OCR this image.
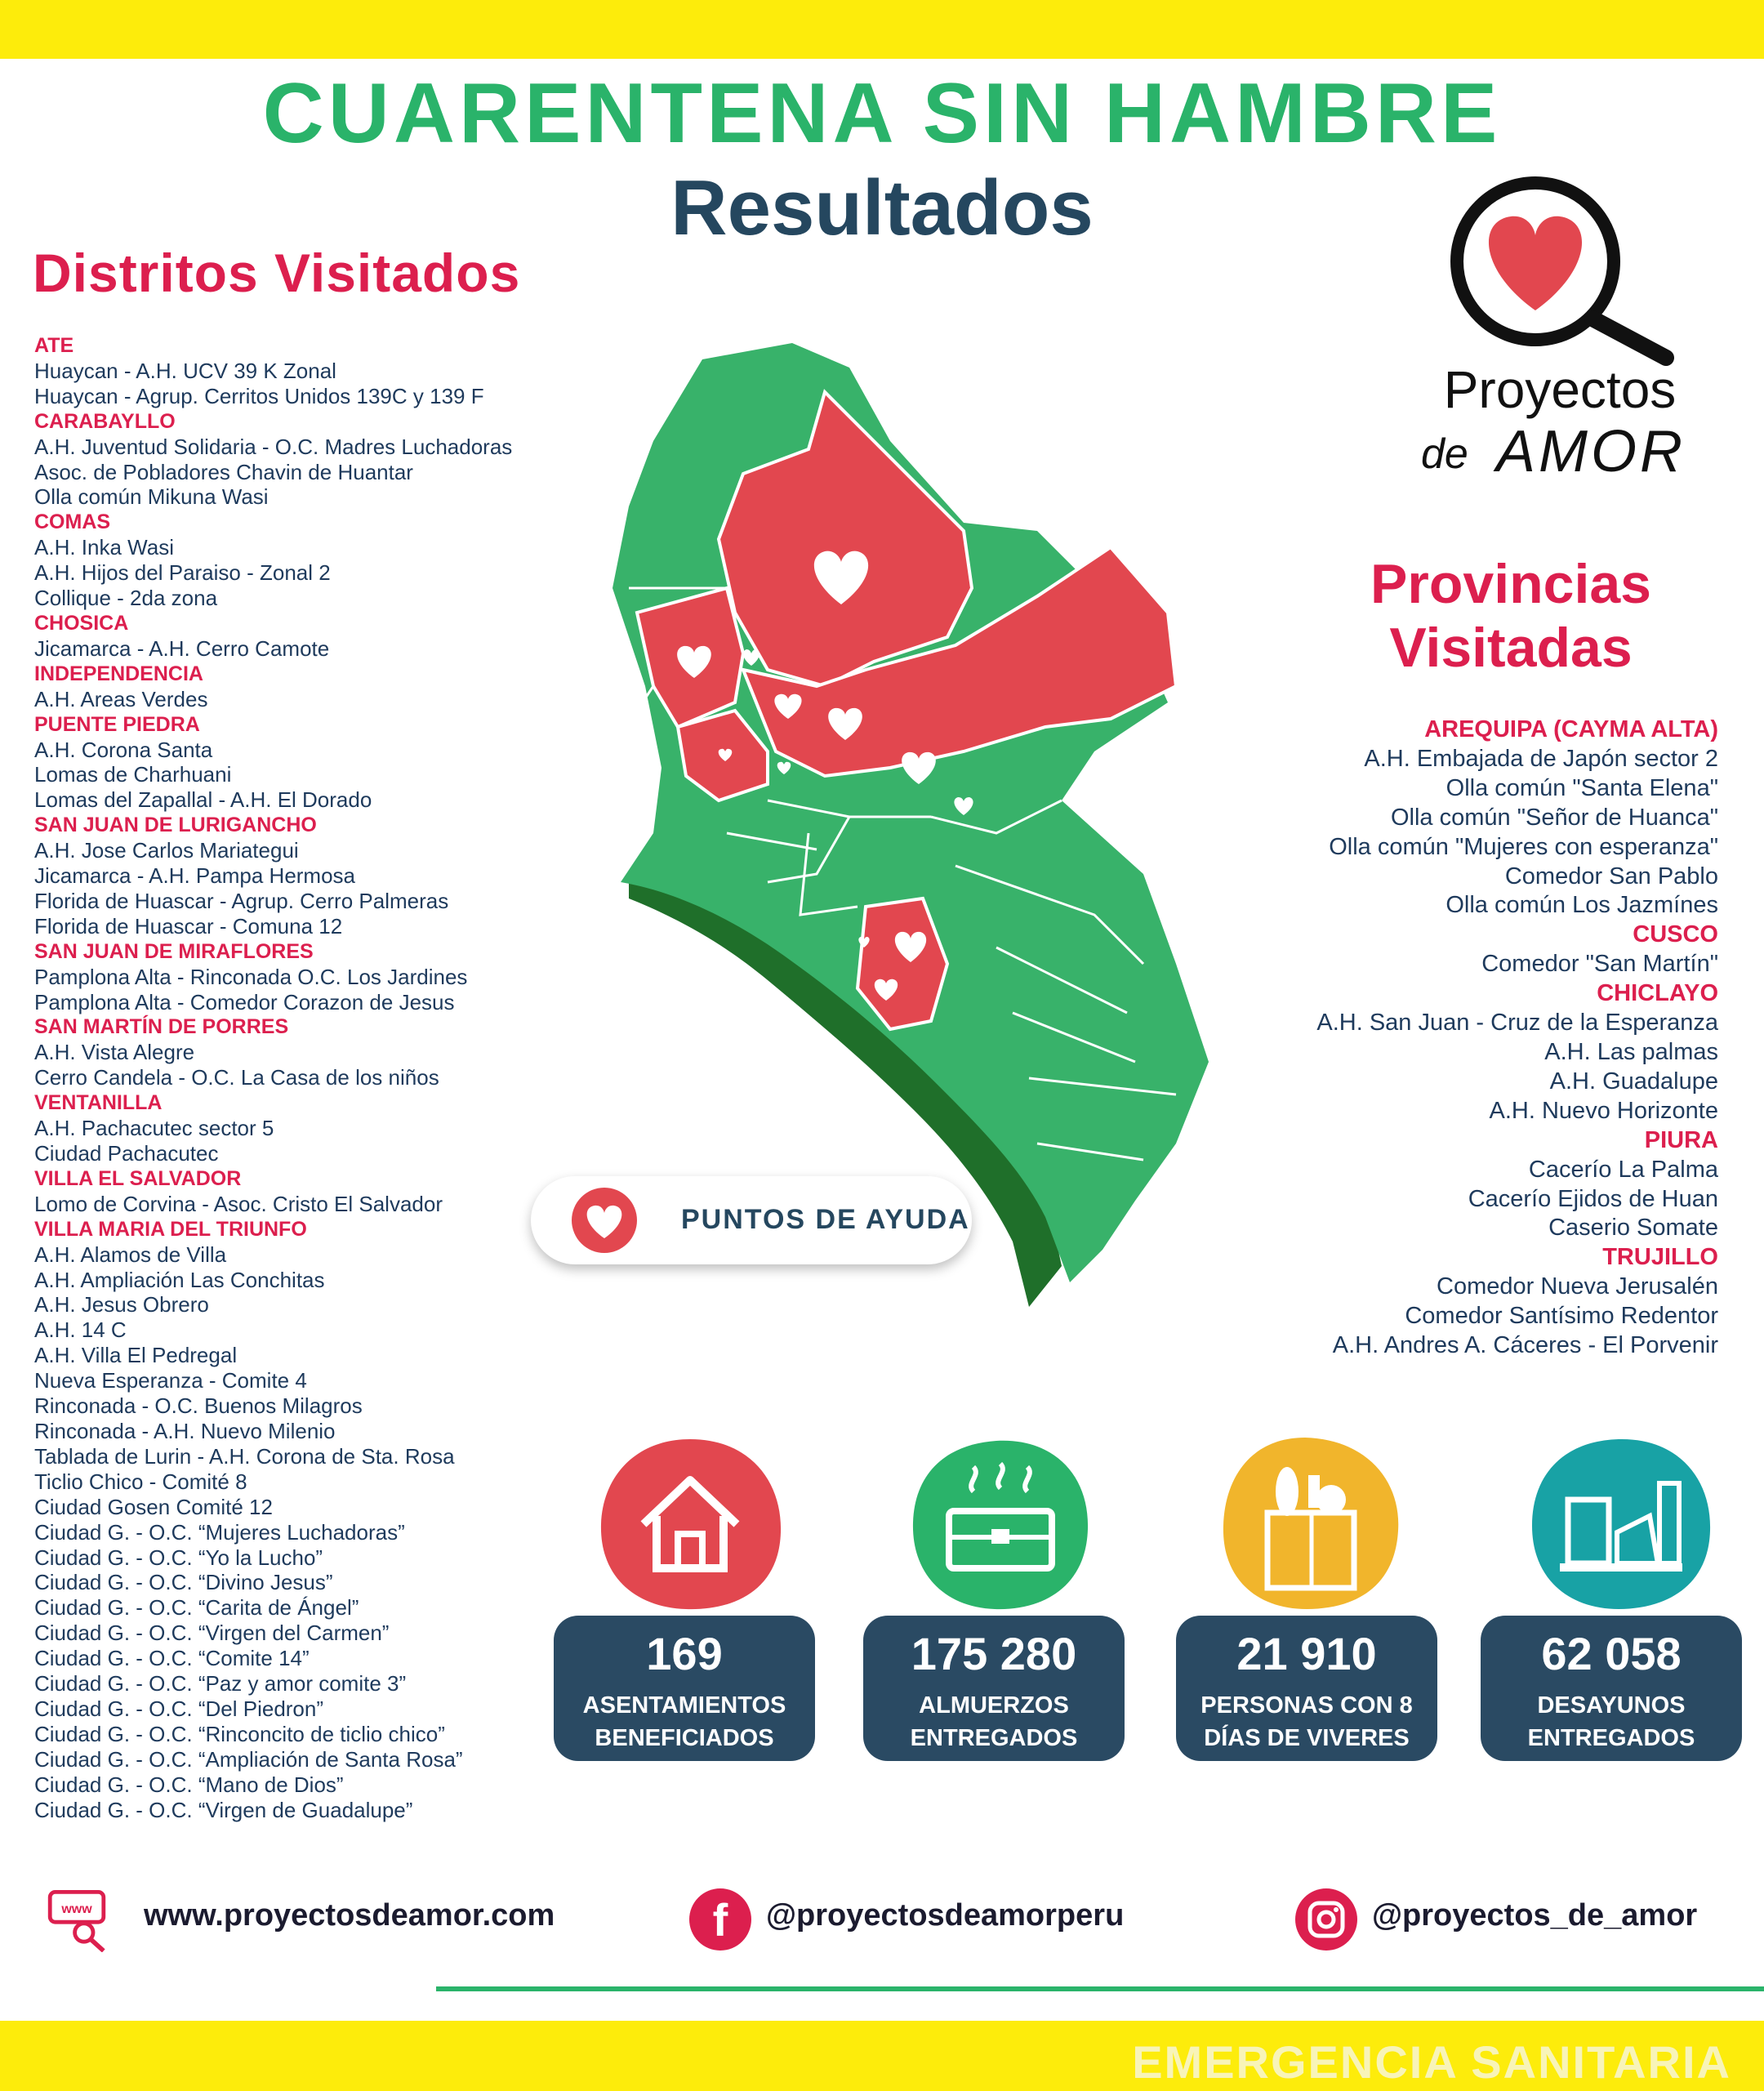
CUARENTENA SIN HAMBRE
Resultados
Distritos Visitados
ATE
Huaycan - A.H. UCV 39 K Zonal
Huaycan - Agrup. Cerritos Unidos 139C y 139 F
CARABAYLLO
A.H. Juventud Solidaria - O.C. Madres Luchadoras
Asoc. de Pobladores Chavin de Huantar
Olla común Mikuna Wasi
COMAS
A.H. Inka Wasi
A.H. Hijos del Paraiso - Zonal 2
Collique - 2da zona
CHOSICA
Jicamarca - A.H. Cerro Camote
INDEPENDENCIA
A.H. Areas Verdes
PUENTE PIEDRA
A.H. Corona Santa
Lomas de Charhuani
Lomas del Zapallal - A.H. El Dorado
SAN JUAN DE LURIGANCHO
A.H. Jose Carlos Mariategui
Jicamarca - A.H. Pampa Hermosa
Florida de Huascar - Agrup. Cerro Palmeras
Florida de Huascar - Comuna 12
SAN JUAN DE MIRAFLORES
Pamplona Alta - Rinconada O.C. Los Jardines
Pamplona Alta - Comedor Corazon de Jesus
SAN MARTÍN DE PORRES
A.H. Vista Alegre
Cerro Candela - O.C. La Casa de los niños
VENTANILLA
A.H. Pachacutec sector 5
Ciudad Pachacutec
VILLA EL SALVADOR
Lomo de Corvina - Asoc. Cristo El Salvador
VILLA MARIA DEL TRIUNFO
A.H. Alamos de Villa
A.H. Ampliación Las Conchitas
A.H. Jesus Obrero
A.H. 14 C
A.H. Villa El Pedregal
Nueva Esperanza - Comite 4
Rinconada - O.C. Buenos Milagros
Rinconada - A.H. Nuevo Milenio
Tablada de Lurin - A.H. Corona de Sta. Rosa
Ticlio Chico - Comité 8
Ciudad Gosen Comité 12
Ciudad G. - O.C. “Mujeres Luchadoras”
Ciudad G. - O.C. “Yo la Lucho”
Ciudad G. - O.C. “Divino Jesus”
Ciudad G. - O.C. “Carita de Ángel”
Ciudad G. - O.C. “Virgen del Carmen”
Ciudad G. - O.C. “Comite 14”
Ciudad G. - O.C. “Paz y amor comite 3”
Ciudad G. - O.C. “Del Piedron”
Ciudad G. - O.C. “Rinconcito de ticlio chico”
Ciudad G. - O.C. “Ampliación de Santa Rosa”
Ciudad G. - O.C. “Mano de Dios”
Ciudad G. - O.C. “Virgen de Guadalupe”
Proyectos
de AMOR
Provincias Visitadas
AREQUIPA (CAYMA ALTA)
A.H. Embajada de Japón sector 2
Olla común "Santa Elena"
Olla común "Señor de Huanca"
Olla común "Mujeres con esperanza"
Comedor San Pablo
Olla común Los Jazmínes
CUSCO
Comedor "San Martín"
CHICLAYO
A.H. San Juan - Cruz de la Esperanza
A.H. Las palmas
A.H. Guadalupe
A.H. Nuevo Horizonte
PIURA
Cacerío La Palma
Cacerío Ejidos de Huan
Caserio Somate
TRUJILLO
Comedor Nueva Jerusalén
Comedor Santísimo Redentor
A.H. Andres A. Cáceres - El Porvenir
PUNTOS DE AYUDA
169
ASENTAMIENTOS
BENEFICIADOS
175 280
ALMUERZOS
ENTREGADOS
21 910
PERSONAS CON 8
DÍAS DE VIVERES
62 058
DESAYUNOS
ENTREGADOS
www www.proyectosdeamor.com	f @proyectosdeamorperu	@proyectos_de_amor
EMERGENCIA SANITARIA
